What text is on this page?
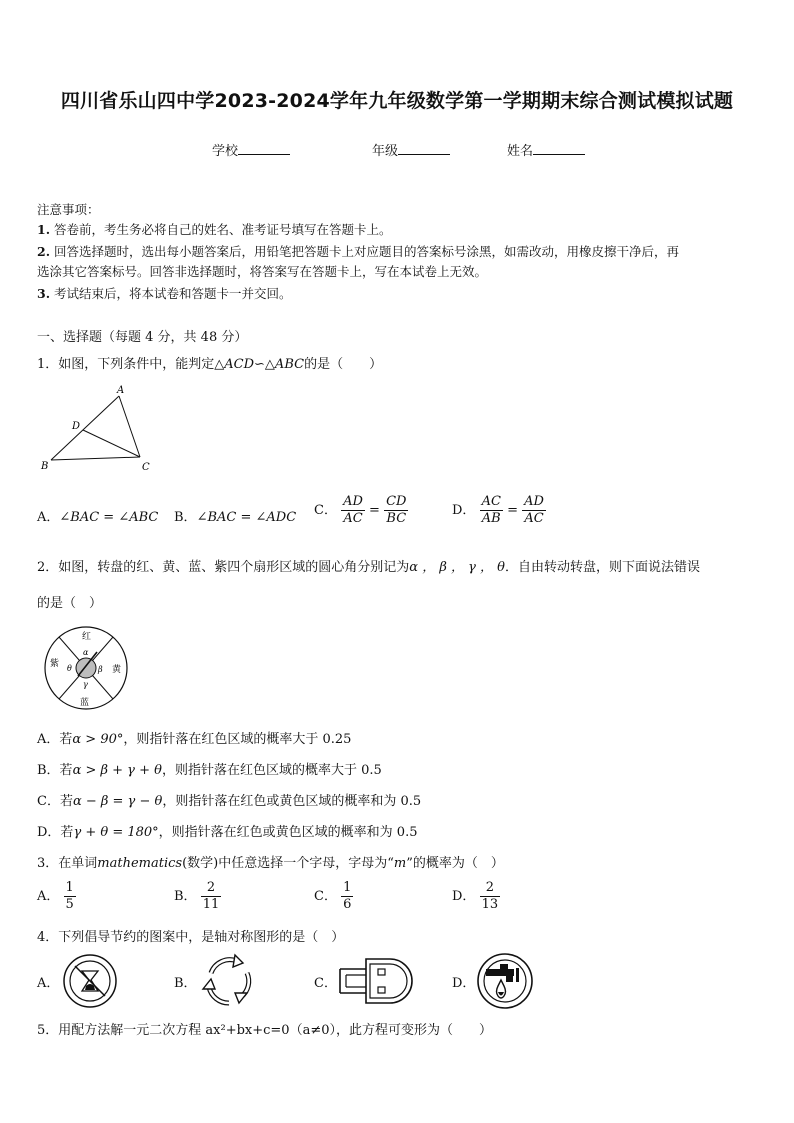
四川省乐山四中学2023-2024学年九年级数学第一学期期末综合测试模拟试题
学校	年级	姓名
注意事项：
1. 答卷前，考生务必将自己的姓名、准考证号填写在答题卡上。
2. 回答选择题时，选出每小题答案后，用铅笔把答题卡上对应题目的答案标号涂黑，如需改动，用橡皮擦干净后，再
选涂其它答案标号。回答非选择题时，将答案写在答题卡上，写在本试卷上无效。
3. 考试结束后，将本试卷和答题卡一并交回。
一、选择题（每题 4 分，共 48 分）
1．如图，下列条件中，能判定△ACD∽△ABC的是（　　）
A
D
B	C
A．∠BAC = ∠ABC B．∠BAC = ∠ADC C． $\frac{AD}{AC} = \frac{CD}{BC}$	D． $\frac{AC}{AB} = \frac{AD}{AC}$
2．如图，转盘的红、黄、蓝、紫四个扇形区域的圆心角分别记为α ， β ， γ ， θ．自由转动转盘，则下面说法错误
的是（　）
红
黄
蓝
紫
α
β
γ
θ
A．若α > 90°，则指针落在红色区域的概率大于 0.25
B．若α > β + γ + θ，则指针落在红色区域的概率大于 0.5
C．若α − β = γ − θ，则指针落在红色或黄色区域的概率和为 0.5
D．若γ + θ = 180°，则指针落在红色或黄色区域的概率和为 0.5
3．在单词mathematics(数学)中任意选择一个字母，字母为“m”的概率为（　）
A． $\frac{1}{5}$	B． $\frac{2}{11}$	C． $\frac{1}{6}$	D． $\frac{2}{13}$
4．下列倡导节约的图案中，是轴对称图形的是（　）
A．	B．	C．	D．
5．用配方法解一元二次方程 ax²+bx+c=0（a≠0），此方程可变形为（　　）
